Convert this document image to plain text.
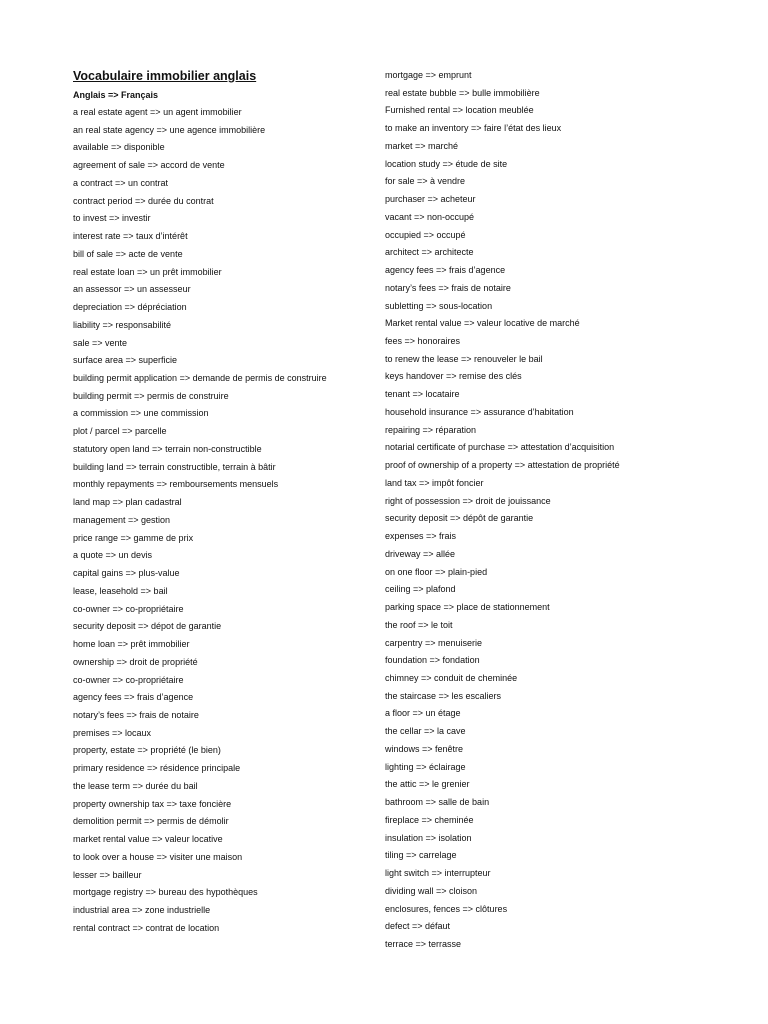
Vocabulaire immobilier anglais
Anglais => Français
a real estate agent => un agent immobilier
an real state agency => une agence immobilière
available => disponible
agreement of sale => accord de vente
a contract => un contrat
contract period => durée du contrat
to invest => investir
interest rate => taux d’intérêt
bill of sale => acte de vente
real estate loan => un prêt immobilier
an assessor => un assesseur
depreciation => dépréciation
liability => responsabilité
sale => vente
surface area => superficie
building permit application => demande de permis de construire
building permit => permis de construire
a commission => une commission
plot / parcel => parcelle
statutory open land => terrain non-constructible
building land => terrain constructible, terrain à bâtir
monthly repayments => remboursements mensuels
land map => plan cadastral
management => gestion
price range => gamme de prix
a quote => un devis
capital gains => plus-value
lease, leasehold => bail
co-owner => co-propriétaire
security deposit => dépot de garantie
home loan => prêt immobilier
ownership => droit de propriété
co-owner => co-propriétaire
agency fees => frais d’agence
notary’s fees => frais de notaire
premises => locaux
property, estate => propriété (le bien)
primary residence => résidence principale
the lease term => durée du bail
property ownership tax => taxe foncière
demolition permit => permis de démolir
market rental value => valeur locative
to look over a house => visiter une maison
lesser => bailleur
mortgage registry => bureau des hypothèques
industrial area => zone industrielle
rental contract => contrat de location
mortgage => emprunt
real estate bubble => bulle immobilière
Furnished rental => location meublée
to make an inventory => faire l’état des lieux
market => marché
location study => étude de site
for sale => à vendre
purchaser => acheteur
vacant => non-occupé
occupied => occupé
architect => architecte
agency fees => frais d’agence
notary’s fees => frais de notaire
subletting => sous-location
Market rental value => valeur locative de marché
fees => honoraires
to renew the lease => renouveler le bail
keys handover => remise des clés
tenant => locataire
household insurance => assurance d’habitation
repairing => réparation
notarial certificate of purchase => attestation d’acquisition
proof of ownership of a property => attestation de propriété
land tax => impôt foncier
right of possession => droit de jouissance
security deposit => dépôt de garantie
expenses => frais
driveway => allée
on one floor => plain-pied
ceiling => plafond
parking space => place de stationnement
the roof => le toit
carpentry => menuiserie
foundation => fondation
chimney => conduit de cheminée
the staircase => les escaliers
a floor => un étage
the cellar => la cave
windows => fenêtre
lighting => éclairage
the attic => le grenier
bathroom => salle de bain
fireplace => cheminée
insulation => isolation
tiling => carrelage
light switch => interrupteur
dividing wall => cloison
enclosures, fences => clôtures
defect => défaut
terrace => terrasse
